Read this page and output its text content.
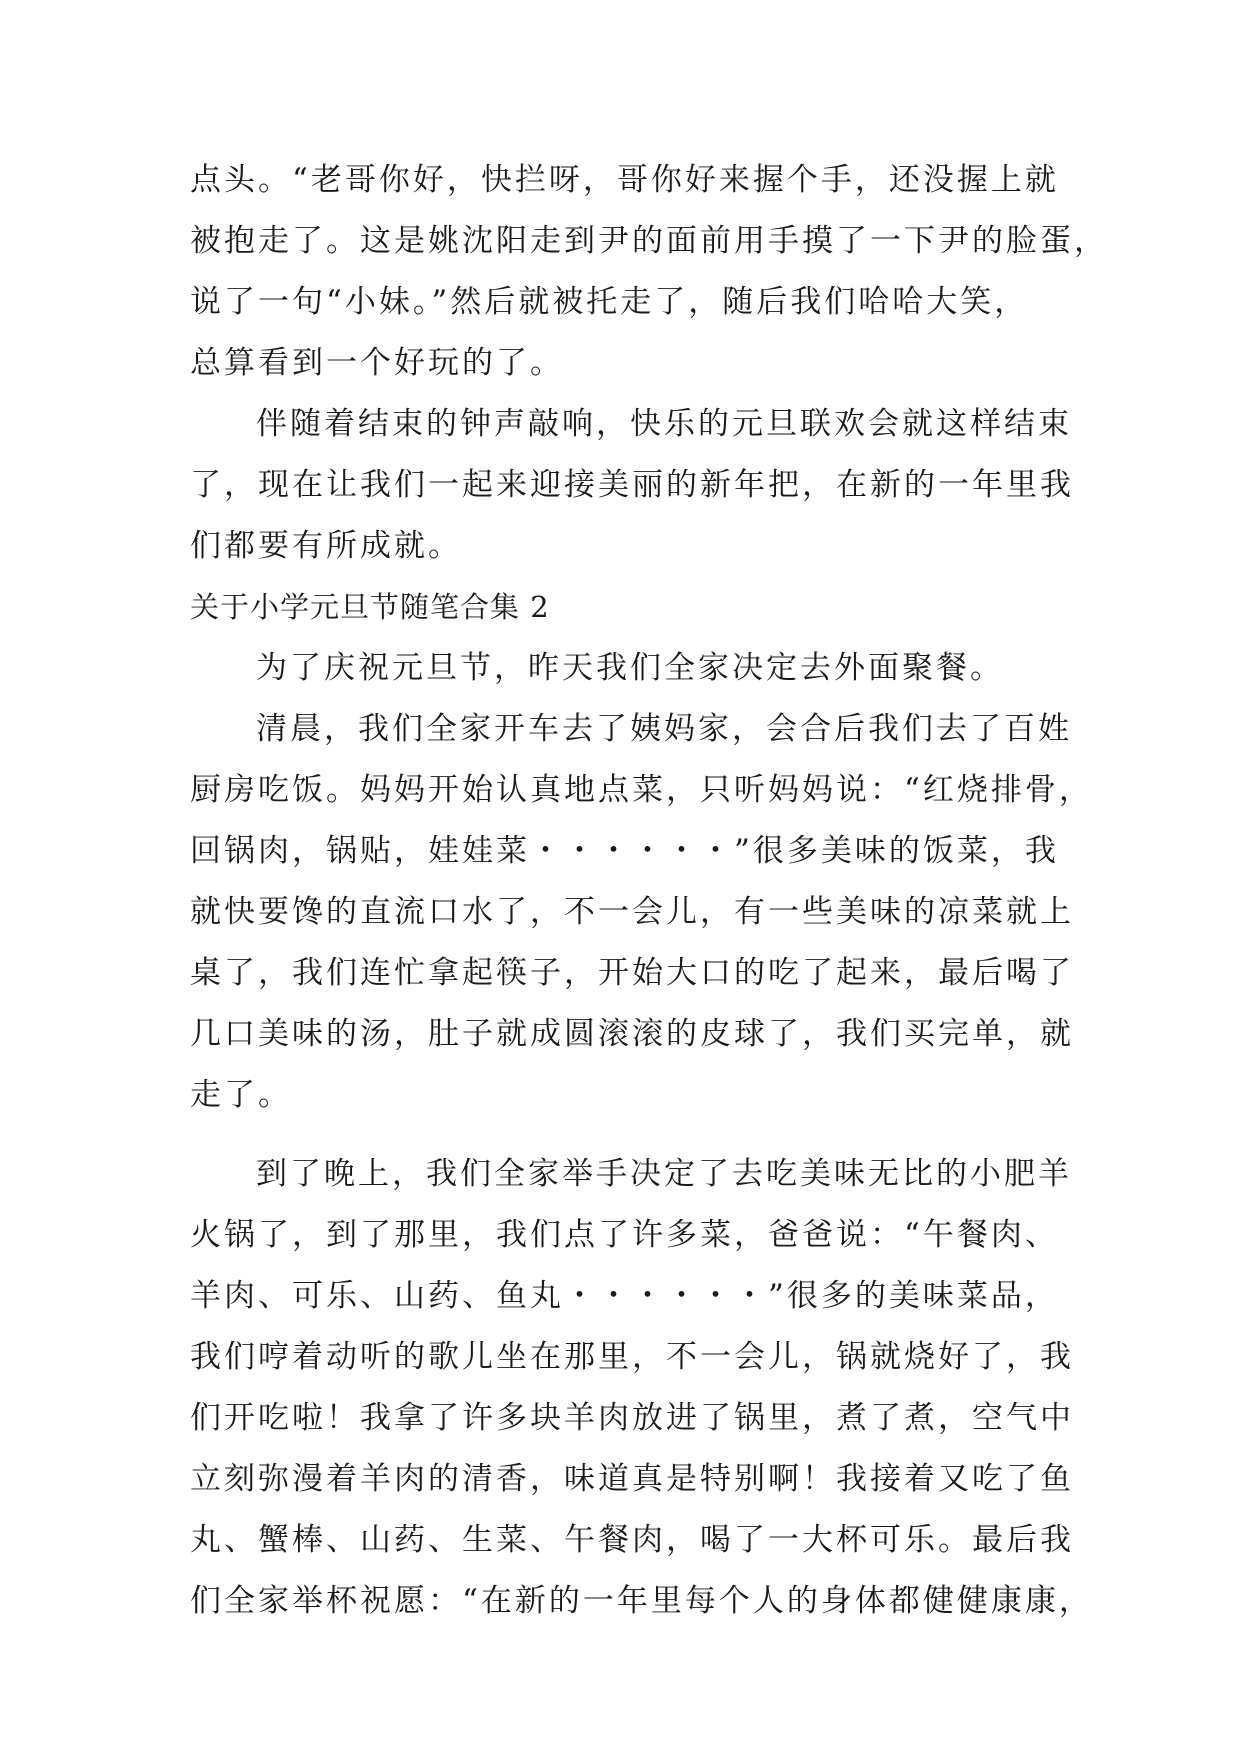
点头。“老哥你好，快拦呀，哥你好来握个手，还没握上就
被抱走了。这是姚沈阳走到尹的面前用手摸了一下尹的脸蛋，
说了一句“小妹。”然后就被托走了，随后我们哈哈大笑，
总算看到一个好玩的了。
伴随着结束的钟声敲响，快乐的元旦联欢会就这样结束
了，现在让我们一起来迎接美丽的新年把，在新的一年里我
们都要有所成就。
关于小学元旦节随笔合集 2
为了庆祝元旦节，昨天我们全家决定去外面聚餐。
清晨，我们全家开车去了姨妈家，会合后我们去了百姓
厨房吃饭。妈妈开始认真地点菜，只听妈妈说：“红烧排骨，
回锅肉，锅贴，娃娃菜・・・・・・”很多美味的饭菜，我
就快要馋的直流口水了，不一会儿，有一些美味的凉菜就上
桌了，我们连忙拿起筷子，开始大口的吃了起来，最后喝了
几口美味的汤，肚子就成圆滚滚的皮球了，我们买完单，就
走了。
到了晚上，我们全家举手决定了去吃美味无比的小肥羊
火锅了，到了那里，我们点了许多菜，爸爸说：“午餐肉、
羊肉、可乐、山药、鱼丸・・・・・・”很多的美味菜品，
我们哼着动听的歌儿坐在那里，不一会儿，锅就烧好了，我
们开吃啦！我拿了许多块羊肉放进了锅里，煮了煮，空气中
立刻弥漫着羊肉的清香，味道真是特别啊！我接着又吃了鱼
丸、蟹棒、山药、生菜、午餐肉，喝了一大杯可乐。最后我
们全家举杯祝愿：“在新的一年里每个人的身体都健健康康，
